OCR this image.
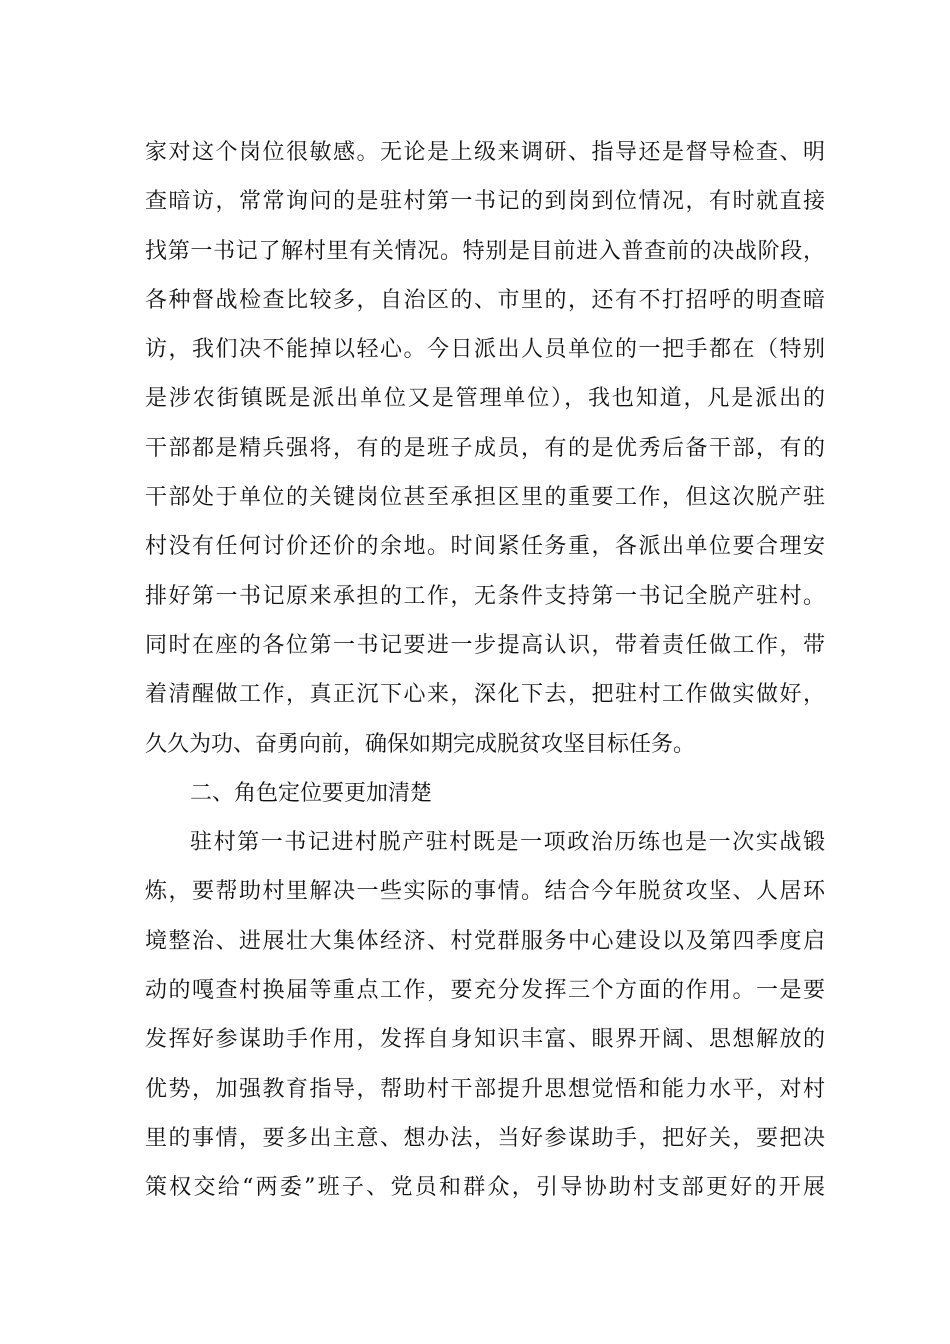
家对这个岗位很敏感。无论是上级来调研、指导还是督导检查、明
查暗访，常常询问的是驻村第一书记的到岗到位情况，有时就直接
找第一书记了解村里有关情况。特别是目前进入普查前的决战阶段，
各种督战检查比较多，自治区的、市里的，还有不打招呼的明查暗
访，我们决不能掉以轻心。今日派出人员单位的一把手都在（特别
是涉农街镇既是派出单位又是管理单位），我也知道，凡是派出的
干部都是精兵强将，有的是班子成员，有的是优秀后备干部，有的
干部处于单位的关键岗位甚至承担区里的重要工作，但这次脱产驻
村没有任何讨价还价的余地。时间紧任务重，各派出单位要合理安
排好第一书记原来承担的工作，无条件支持第一书记全脱产驻村。
同时在座的各位第一书记要进一步提高认识，带着责任做工作，带
着清醒做工作，真正沉下心来，深化下去，把驻村工作做实做好，
久久为功、奋勇向前，确保如期完成脱贫攻坚目标任务。
二、角色定位要更加清楚
驻村第一书记进村脱产驻村既是一项政治历练也是一次实战锻
炼，要帮助村里解决一些实际的事情。结合今年脱贫攻坚、人居环
境整治、进展壮大集体经济、村党群服务中心建设以及第四季度启
动的嘎查村换届等重点工作，要充分发挥三个方面的作用。一是要
发挥好参谋助手作用，发挥自身知识丰富、眼界开阔、思想解放的
优势，加强教育指导，帮助村干部提升思想觉悟和能力水平，对村
里的事情，要多出主意、想办法，当好参谋助手，把好关，要把决
策权交给“两委”班子、党员和群众，引导协助村支部更好的开展
